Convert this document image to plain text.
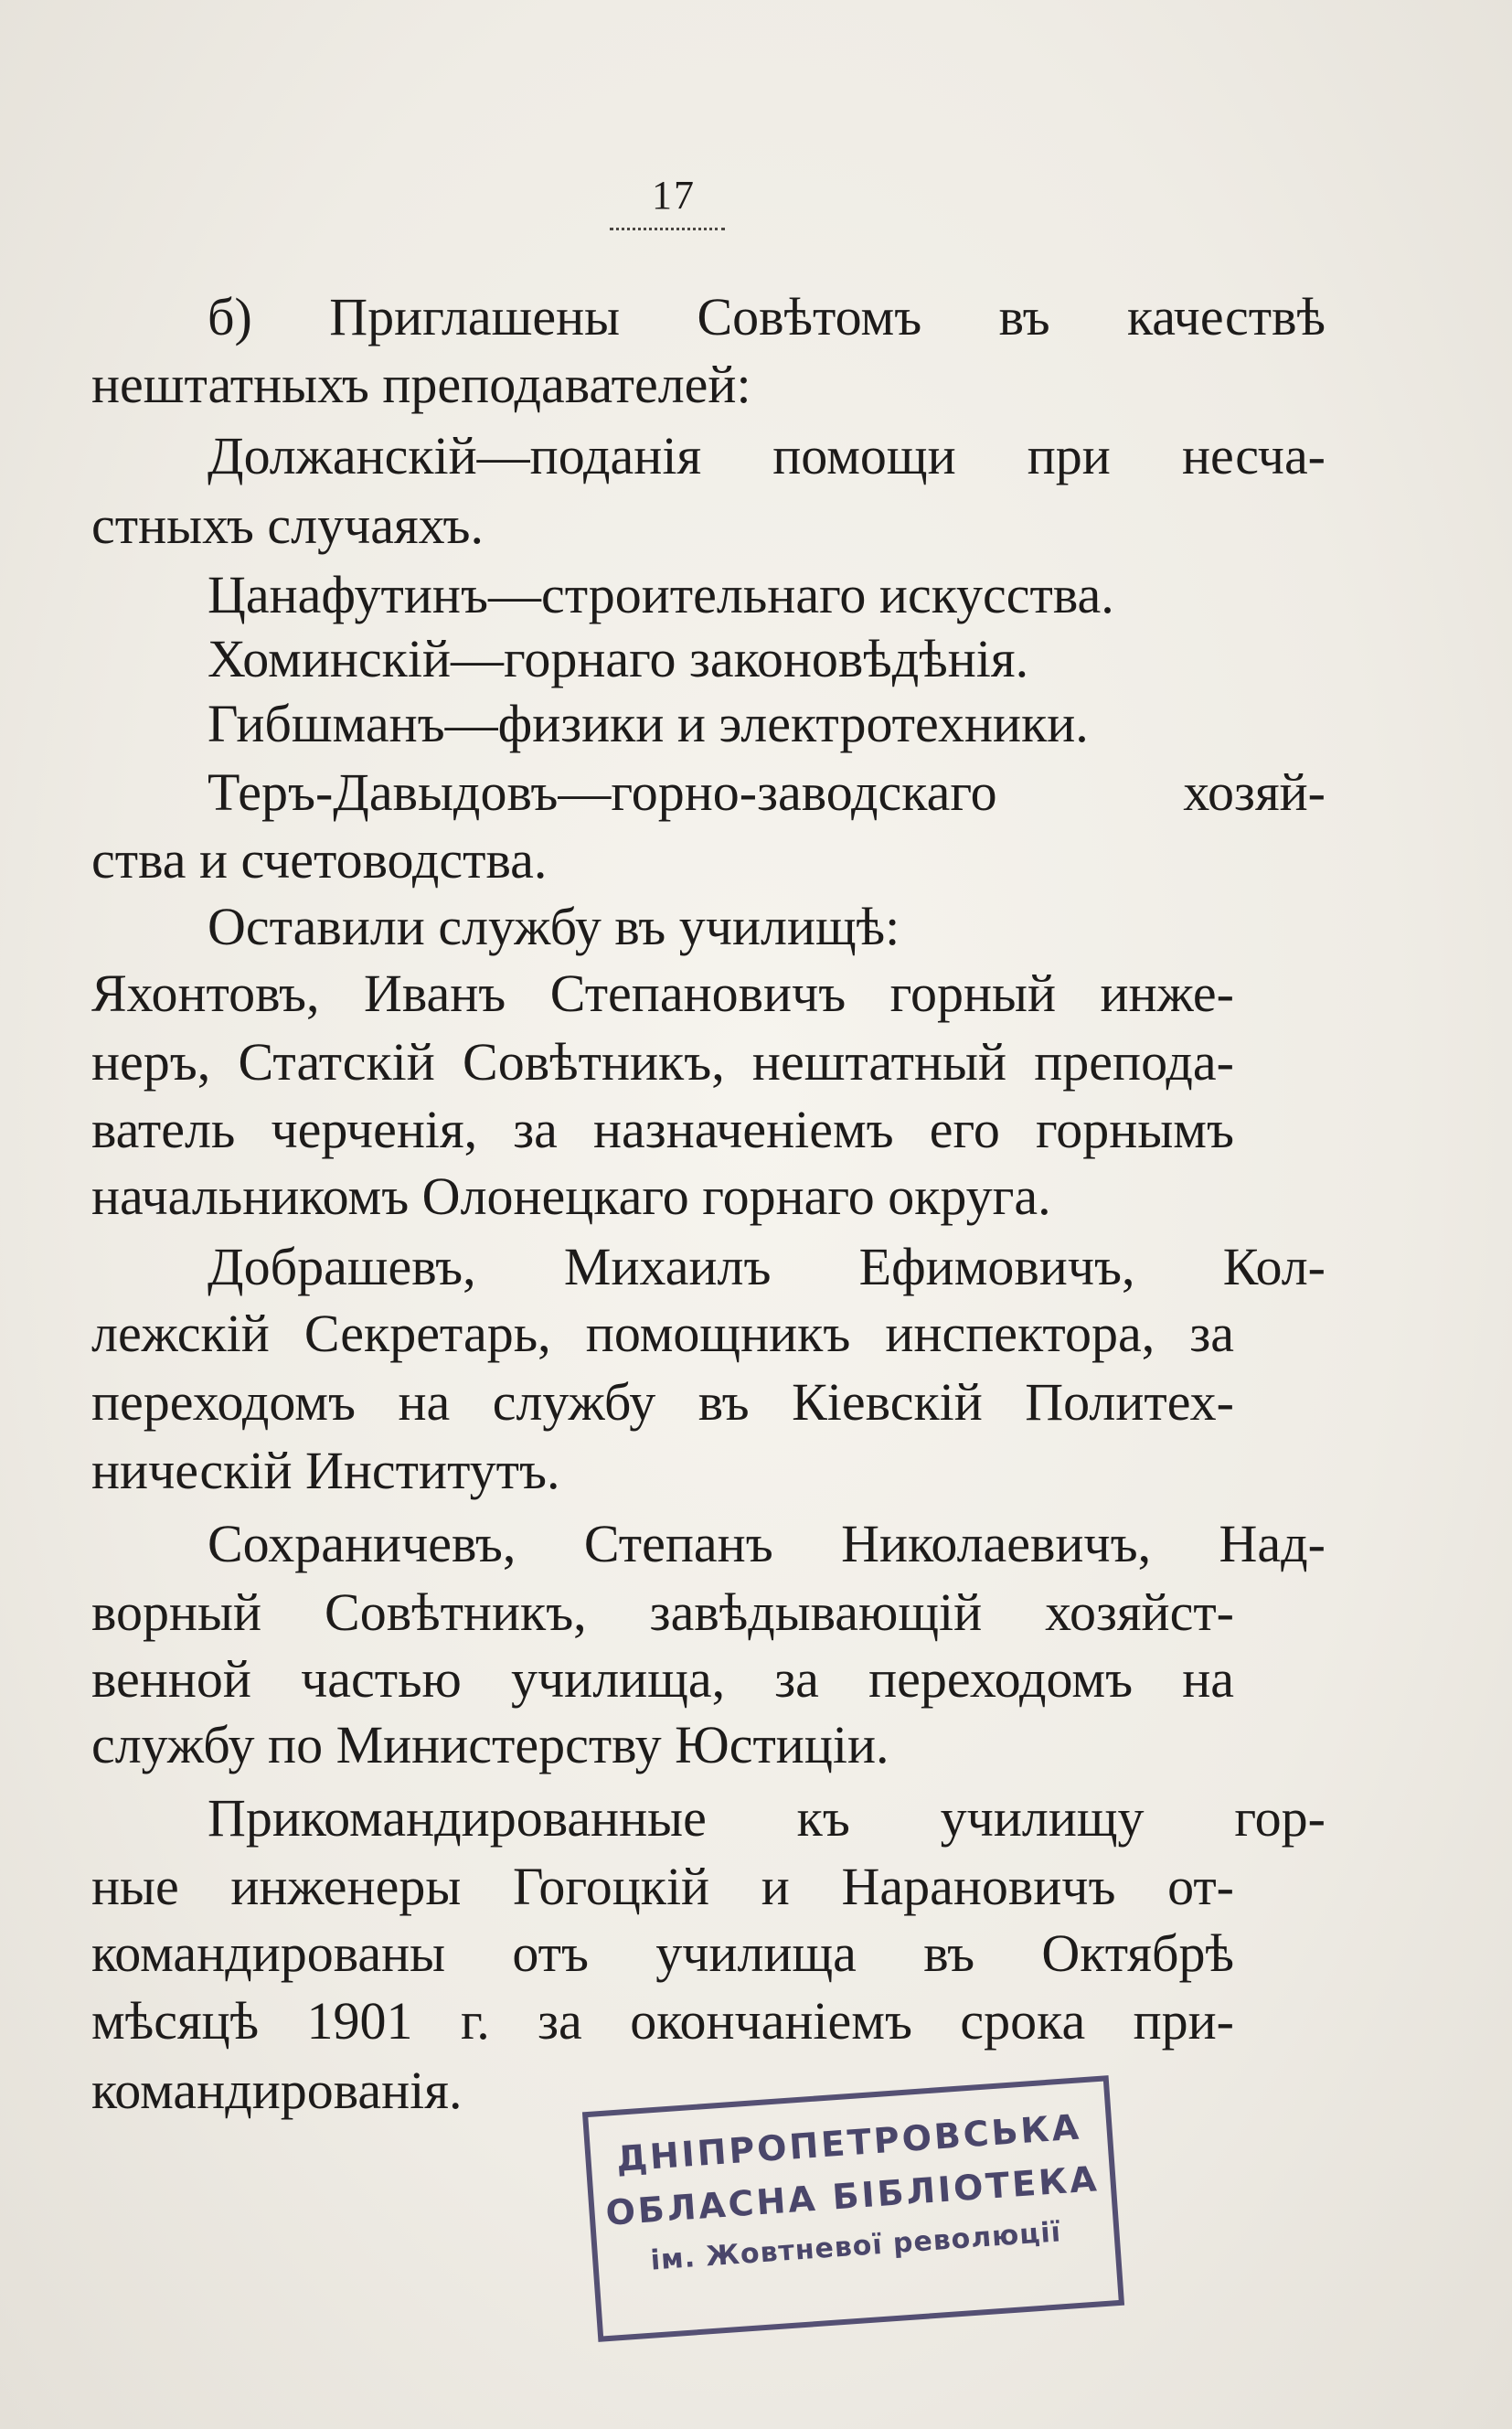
17
б) Приглашены Совѣтомъ въ качествѣ
нештатныхъ преподавателей:
Должанскій—поданія помощи при несча-
стныхъ случаяхъ.
Цанафутинъ—строительнаго искусства.
Хоминскій—горнаго законовѣдѣнія.
Гибшманъ—физики и электротехники.
Теръ-Давыдовъ—горно-заводскаго хозяй-
ства и счетоводства.
Оставили службу въ училищѣ:
Яхонтовъ, Иванъ Степановичъ горный инже-
неръ, Статскій Совѣтникъ, нештатный препода-
ватель черченія, за назначеніемъ его горнымъ
начальникомъ Олонецкаго горнаго округа.
Добрашевъ, Михаилъ Ефимовичъ, Кол-
лежскій Секретарь, помощникъ инспектора, за
переходомъ на службу въ Кіевскій Политех-
ническій Институтъ.
Сохраничевъ, Степанъ Николаевичъ, Над-
ворный Совѣтникъ, завѣдывающій хозяйст-
венной частью училища, за переходомъ на
службу по Министерству Юстиціи.
Прикомандированные къ училищу гор-
ные инженеры Гогоцкій и Нарановичъ от-
командированы отъ училища въ Октябрѣ
мѣсяцѣ 1901 г. за окончаніемъ срока при-
командированія.
ДНІПРОПЕТРОВСЬКА
ОБЛАСНА БІБЛІОТЕКА
ім. Жовтневої революції
